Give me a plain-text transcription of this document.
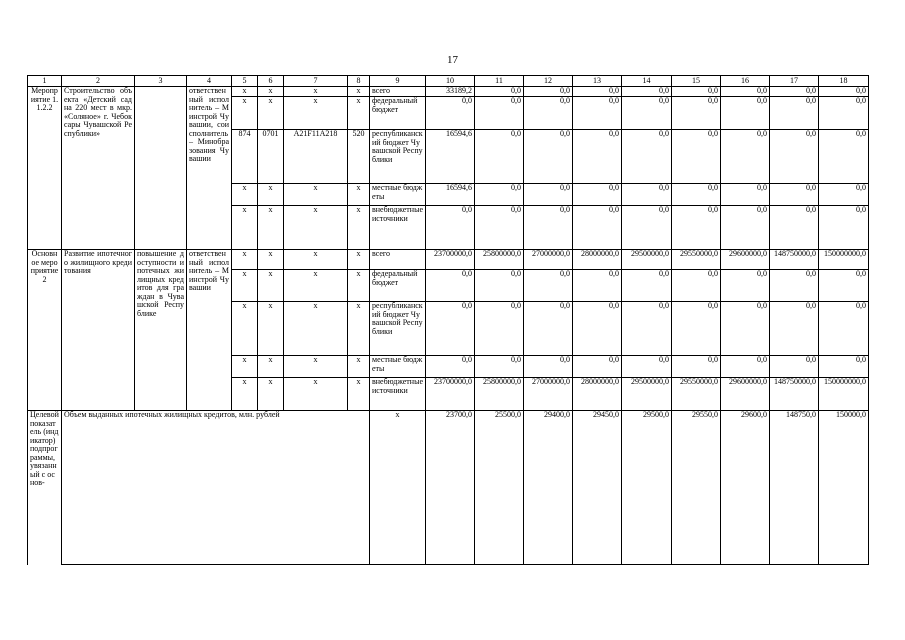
17
1	2	3	4	5	6	7	8	9	10	11	12	13	14	15	16	17	18
Мероприятие 1.1.2.2	Строительство объекта «Детский сад на 220 мест в мкр. «Соляное» г. Чебоксары Чувашской Республики»		ответственный исполнитель – Минстрой Чувашии, соисполнитель – Минобразования Чувашии	x	x	x	x	всего	33189,2	0,0	0,0	0,0	0,0	0,0	0,0	0,0	0,0
				x	x	x	x	федеральный бюджет	0,0	0,0	0,0	0,0	0,0	0,0	0,0	0,0	0,0
				874	0701	A21F11A218	520	республиканский бюджет Чувашской Республики	16594,6	0,0	0,0	0,0	0,0	0,0	0,0	0,0	0,0
				x	x	x	x	местные бюджеты	16594,6	0,0	0,0	0,0	0,0	0,0	0,0	0,0	0,0
				x	x	x	x	внебюджетные источники	0,0	0,0	0,0	0,0	0,0	0,0	0,0	0,0	0,0
Основное мероприятие 2	Развитие ипотечного жилищного кредитования	повышение доступности ипотечных жилищных кредитов для граждан в Чувашской Республике	ответственный исполнитель – Минстрой Чувашии	x	x	x	x	всего	23700000,0	25800000,0	27000000,0	28000000,0	29500000,0	29550000,0	29600000,0	148750000,0	150000000,0
				x	x	x	x	федеральный бюджет	0,0	0,0	0,0	0,0	0,0	0,0	0,0	0,0	0,0
				x	x	x	x	республиканский бюджет Чувашской Республики	0,0	0,0	0,0	0,0	0,0	0,0	0,0	0,0	0,0
				x	x	x	x	местные бюджеты	0,0	0,0	0,0	0,0	0,0	0,0	0,0	0,0	0,0
				x	x	x	x	внебюджетные источники	23700000,0	25800000,0	27000000,0	28000000,0	29500000,0	29550000,0	29600000,0	148750000,0	150000000,0
Целевой показатель (индикатор) подпрограммы, увязанный с основ-	Объем выданных ипотечных жилищных кредитов, млн. рублей							x	23700,0	25500,0	29400,0	29450,0	29500,0	29550,0	29600,0	148750,0	150000,0
